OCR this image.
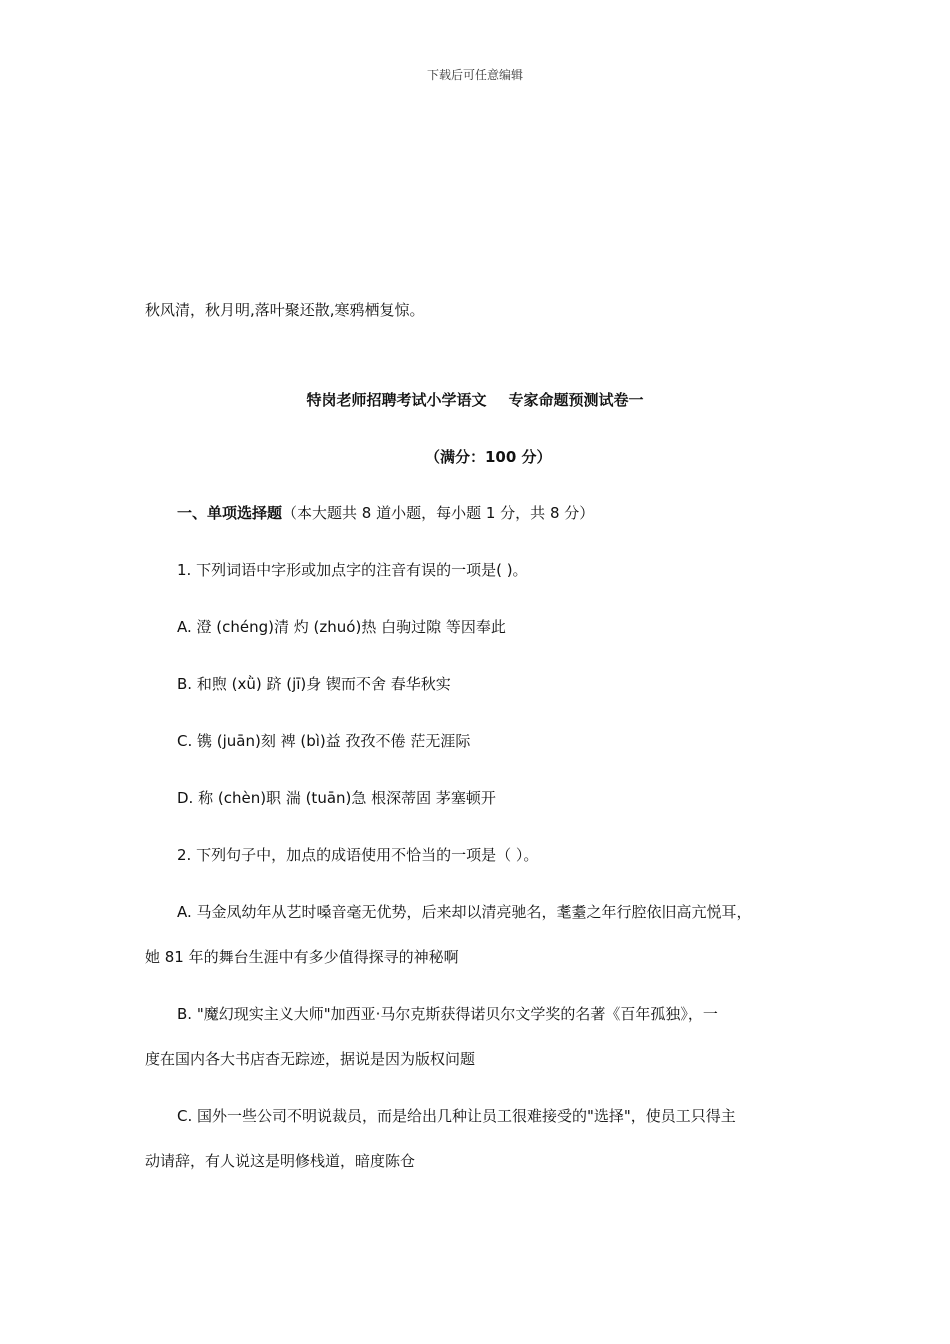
下载后可任意编辑
秋风清，秋月明,落叶聚还散,寒鸦栖复惊。
特岗老师招聘考试小学语文 专家命题预测试卷一
（满分：100 分）
一、单项选择题（本大题共 8 道小题，每小题 1 分，共 8 分）
1. 下列词语中字形或加点字的注音有误的一项是( )。
A. 澄 (chéng)清 灼 (zhuó)热 白驹过隙 等因奉此
B. 和煦 (xǜ) 跻 (jī)身 锲而不舍 春华秋实
C. 镌 (juān)刻 裨 (bì)益 孜孜不倦 茫无涯际
D. 称 (chèn)职 湍 (tuān)急 根深蒂固 茅塞顿开
2. 下列句子中，加点的成语使用不恰当的一项是（ ）。
A. 马金凤幼年从艺时嗓音毫无优势，后来却以清亮驰名，耄耋之年行腔依旧高亢悦耳，
她 81 年的舞台生涯中有多少值得探寻的神秘啊
B. "魔幻现实主义大师"加西亚·马尔克斯获得诺贝尔文学奖的名著《百年孤独》，一
度在国内各大书店杳无踪迹，据说是因为版权问题
C. 国外一些公司不明说裁员，而是给出几种让员工很难接受的"选择"，使员工只得主
动请辞，有人说这是明修栈道，暗度陈仓
